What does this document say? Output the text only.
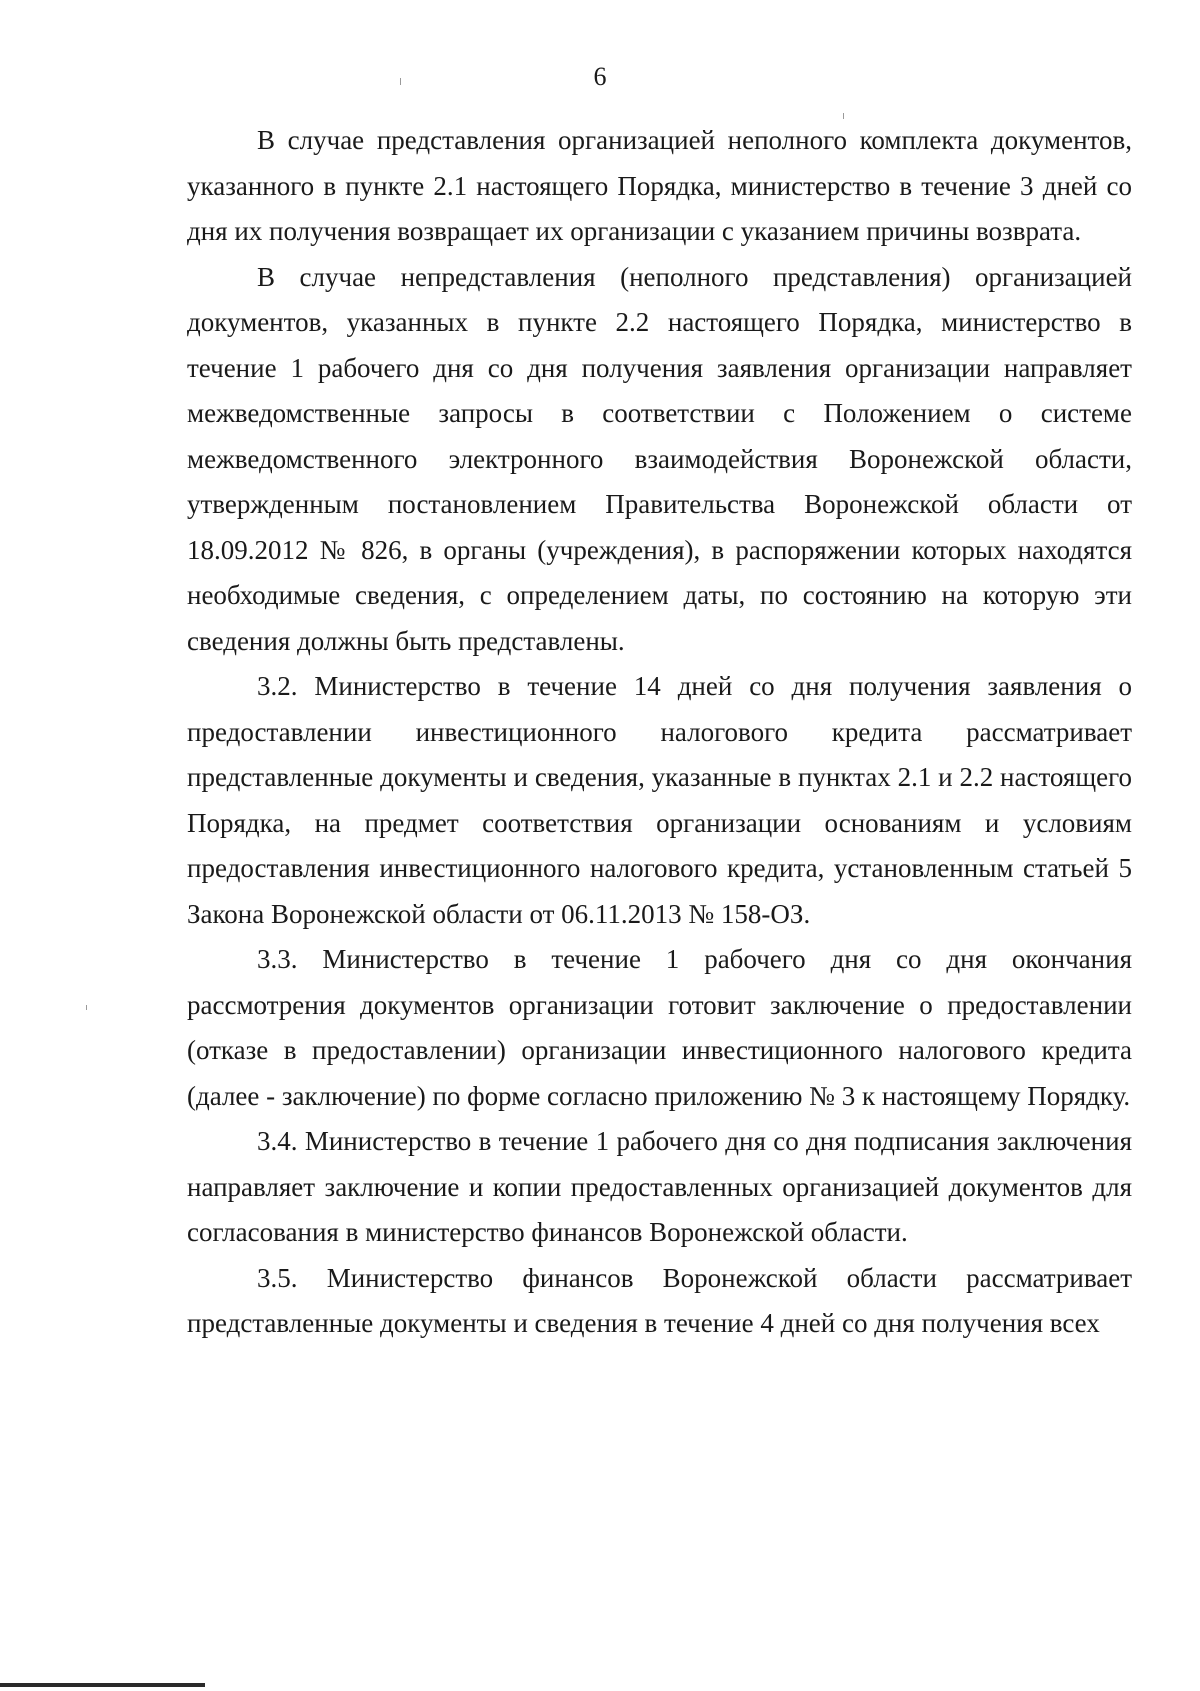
6

В случае представления организацией неполного комплекта документов, указанного в пункте 2.1 настоящего Порядка, министерство в течение 3 дней со дня их получения возвращает их организации с указанием причины возврата.

В случае непредставления (неполного представления) организацией документов, указанных в пункте 2.2 настоящего Порядка, министерство в течение 1 рабочего дня со дня получения заявления организации направляет межведомственные запросы в соответствии с Положением о системе межведомственного электронного взаимодействия Воронежской области, утвержденным постановлением Правительства Воронежской области от 18.09.2012 № 826, в органы (учреждения), в распоряжении которых находятся необходимые сведения, с определением даты, по состоянию на которую эти сведения должны быть представлены.

3.2. Министерство в течение 14 дней со дня получения заявления о предоставлении инвестиционного налогового кредита рассматривает представленные документы и сведения, указанные в пунктах 2.1 и 2.2 настоящего Порядка, на предмет соответствия организации основаниям и условиям предоставления инвестиционного налогового кредита, установленным статьей 5 Закона Воронежской области от 06.11.2013 № 158-ОЗ.

3.3. Министерство в течение 1 рабочего дня со дня окончания рассмотрения документов организации готовит заключение о предоставлении (отказе в предоставлении) организации инвестиционного налогового кредита (далее - заключение) по форме согласно приложению № 3 к настоящему Порядку.

3.4. Министерство в течение 1 рабочего дня со дня подписания заключения направляет заключение и копии предоставленных организацией документов для согласования в министерство финансов Воронежской области.

3.5. Министерство финансов Воронежской области рассматривает представленные документы и сведения в течение 4 дней со дня получения всех
